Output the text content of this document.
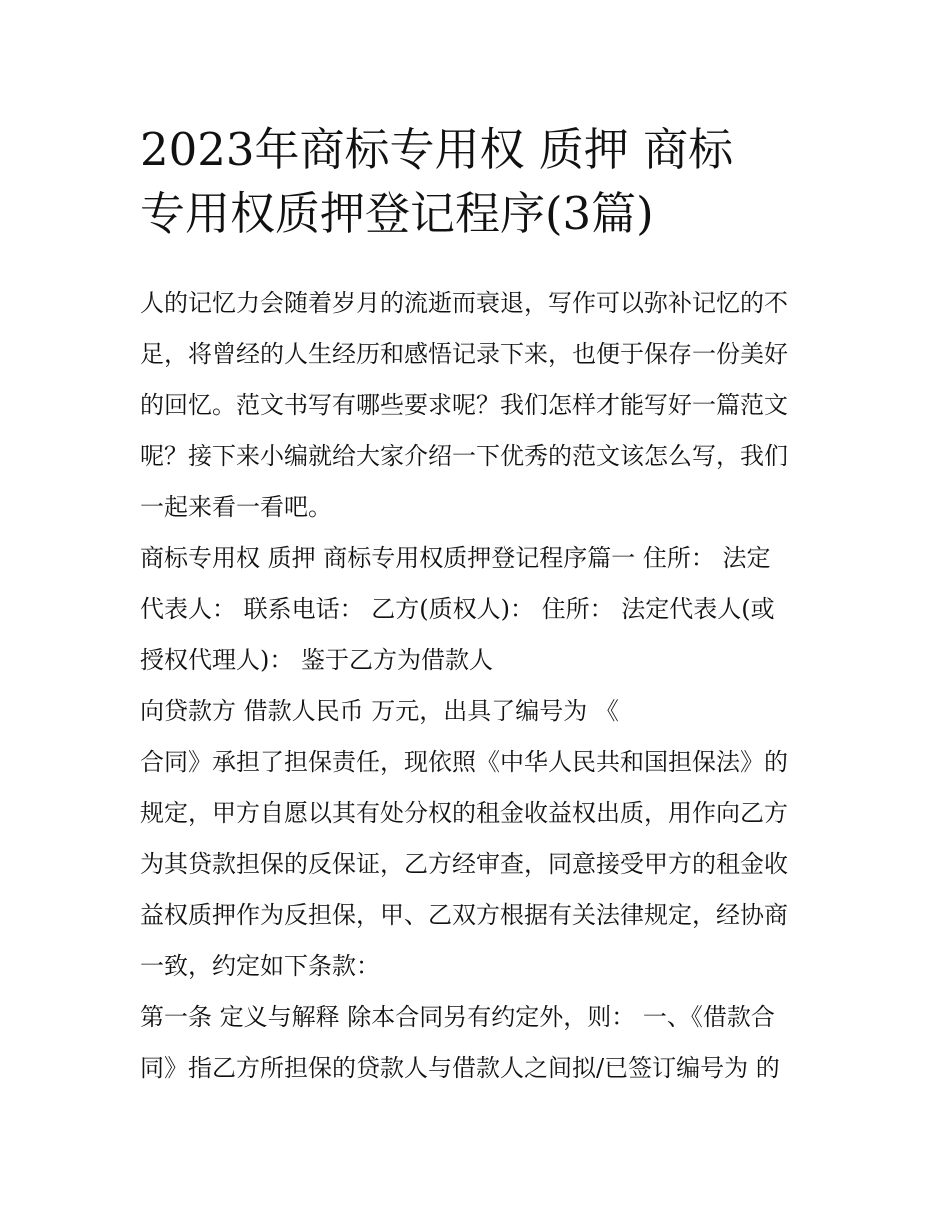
2023年商标专用权 质押 商标
专用权质押登记程序(3篇)
人的记忆力会随着岁月的流逝而衰退，写作可以弥补记忆的不
足，将曾经的人生经历和感悟记录下来，也便于保存一份美好
的回忆。范文书写有哪些要求呢？我们怎样才能写好一篇范文
呢？接下来小编就给大家介绍一下优秀的范文该怎么写，我们
一起来看一看吧。
商标专用权 质押 商标专用权质押登记程序篇一 住所： 法定
代表人： 联系电话： 乙方(质权人)： 住所： 法定代表人(或
授权代理人)： 鉴于乙方为借款人
向贷款方 借款人民币 万元，出具了编号为 《
合同》承担了担保责任，现依照《中华人民共和国担保法》的
规定，甲方自愿以其有处分权的租金收益权出质，用作向乙方
为其贷款担保的反保证，乙方经审查，同意接受甲方的租金收
益权质押作为反担保，甲、乙双方根据有关法律规定，经协商
一致，约定如下条款：
第一条 定义与解释 除本合同另有约定外，则： 一、《借款合
同》指乙方所担保的贷款人与借款人之间拟/已签订编号为 的
